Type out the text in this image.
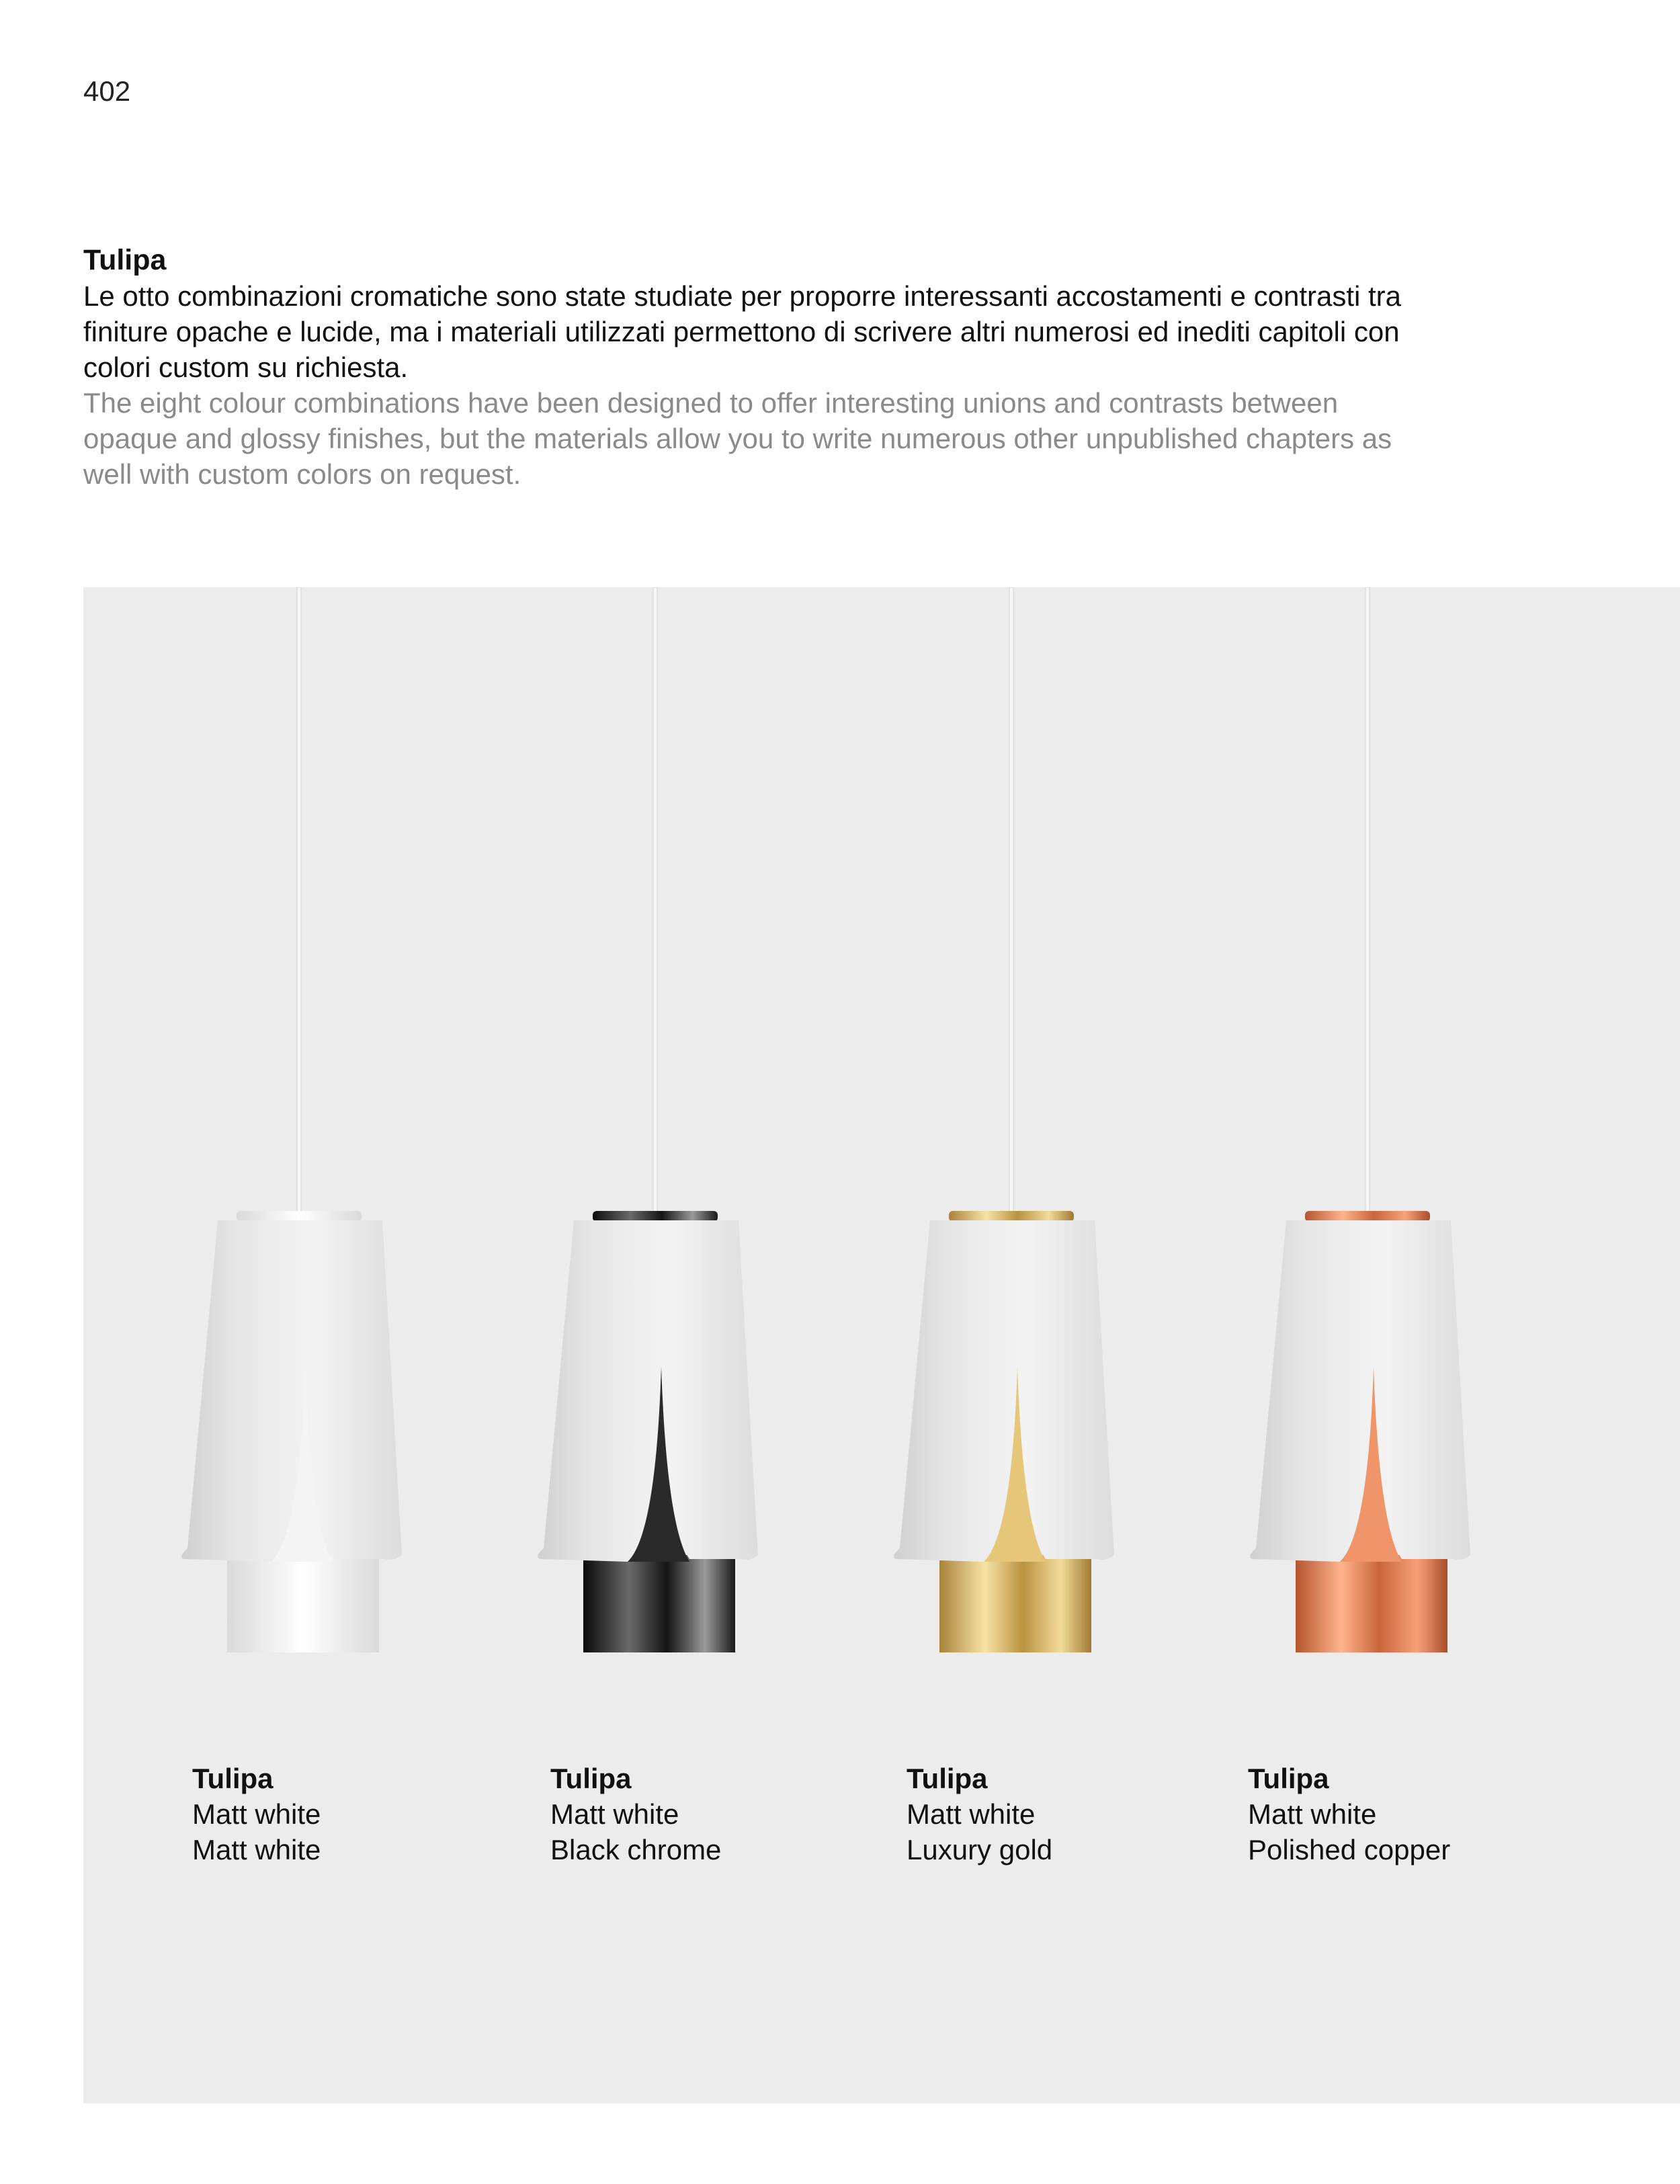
402

Tulipa

Le otto combinazioni cromatiche sono state studiate per proporre interessanti accostamenti e contrasti tra

finiture opache e lucide, ma i materiali utilizzati permettono di scrivere altri numerosi ed inediti capitoli con

colori custom su richiesta.

The eight colour combinations have been designed to offer interesting unions and contrasts between

opaque and glossy finishes, but the materials allow you to write numerous other unpublished chapters as

well with custom colors on request.

Tulipa
Matt white
Matt white
Tulipa
Matt white
Black chrome
Tulipa
Matt white
Luxury gold
Tulipa
Matt white
Polished copper
